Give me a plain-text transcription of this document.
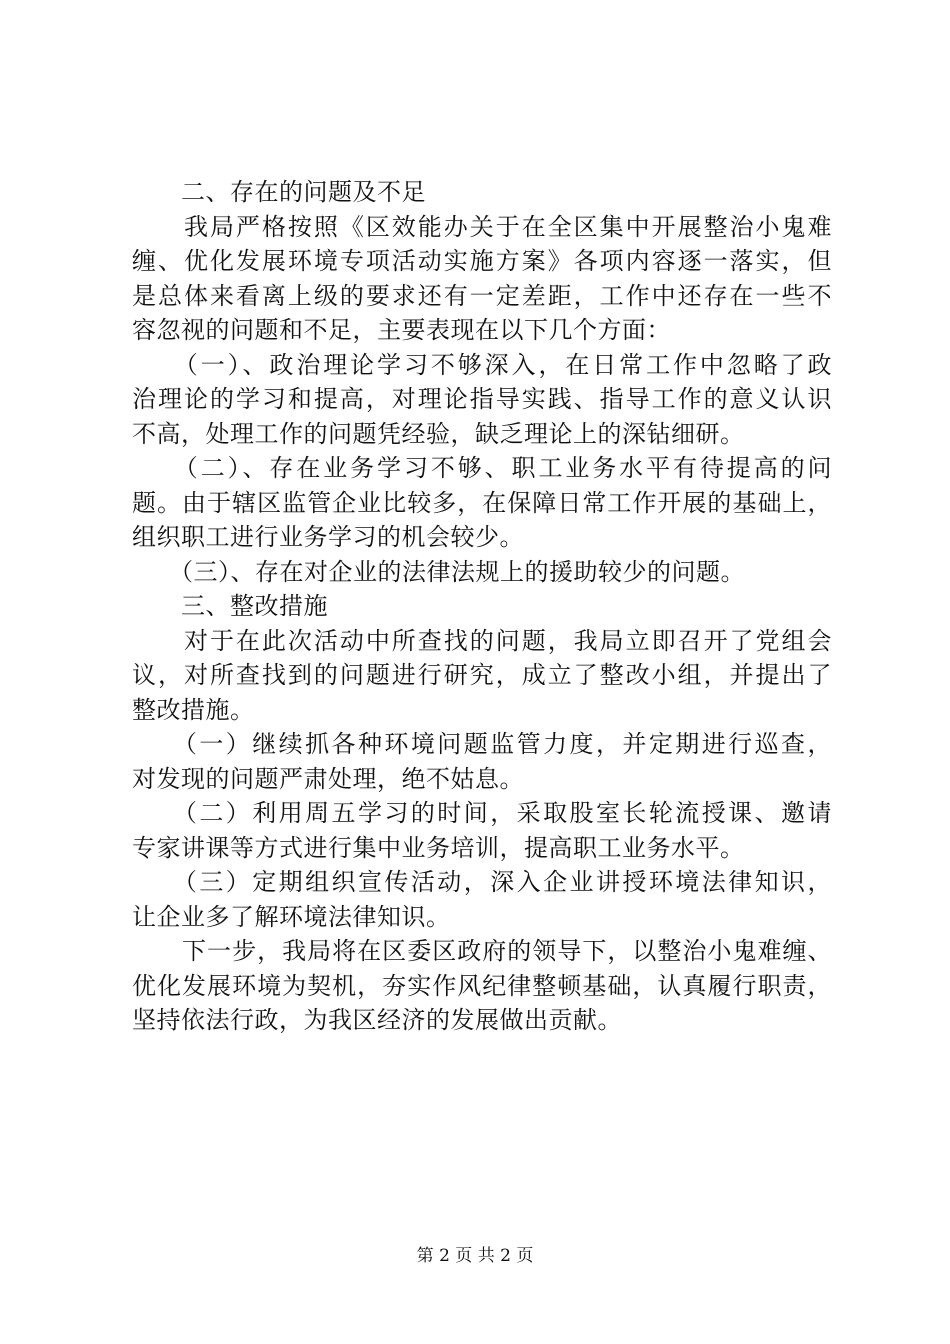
　　二、存在的问题及不足
　　我局严格按照《区效能办关于在全区集中开展整治小鬼难
缠、优化发展环境专项活动实施方案》各项内容逐一落实，但
是总体来看离上级的要求还有一定差距，工作中还存在一些不
容忽视的问题和不足，主要表现在以下几个方面：
　　（一）、政治理论学习不够深入，在日常工作中忽略了政
治理论的学习和提高，对理论指导实践、指导工作的意义认识
不高，处理工作的问题凭经验，缺乏理论上的深钻细研。
　　（二）、存在业务学习不够、职工业务水平有待提高的问
题。由于辖区监管企业比较多，在保障日常工作开展的基础上，
组织职工进行业务学习的机会较少。
　　（三）、存在对企业的法律法规上的援助较少的问题。
　　三、整改措施
　　对于在此次活动中所查找的问题，我局立即召开了党组会
议，对所查找到的问题进行研究，成立了整改小组，并提出了
整改措施。
　　（一）继续抓各种环境问题监管力度，并定期进行巡查，
对发现的问题严肃处理，绝不姑息。
　　（二）利用周五学习的时间，采取股室长轮流授课、邀请
专家讲课等方式进行集中业务培训，提高职工业务水平。
　　（三）定期组织宣传活动，深入企业讲授环境法律知识，
让企业多了解环境法律知识。
　　下一步，我局将在区委区政府的领导下，以整治小鬼难缠、
优化发展环境为契机，夯实作风纪律整顿基础，认真履行职责，
坚持依法行政，为我区经济的发展做出贡献。
第 2 页 共 2 页
